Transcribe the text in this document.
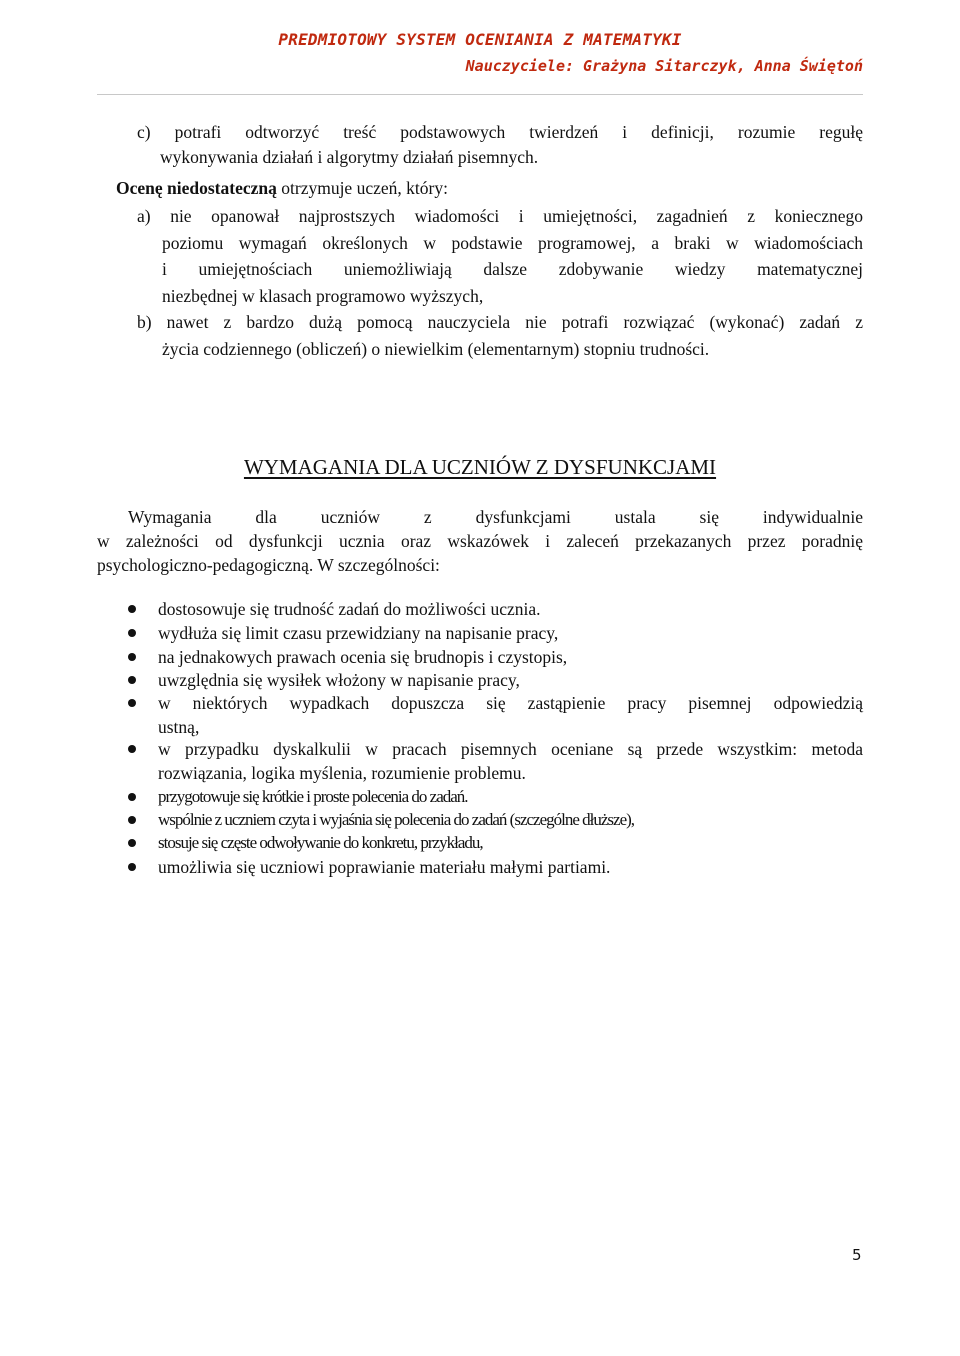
PREDMIOTOWY SYSTEM OCENIANIA Z MATEMATYKI
Nauczyciele: Grażyna Sitarczyk, Anna Świętoń
c) potrafi odtworzyć treść podstawowych twierdzeń i definicji, rozumie regułę
wykonywania działań i algorytmy działań pisemnych.
Ocenę niedostateczną otrzymuje uczeń, który:
a) nie opanował najprostszych wiadomości i umiejętności, zagadnień z koniecznego
poziomu wymagań określonych w podstawie programowej, a braki w wiadomościach
i umiejętnościach uniemożliwiają dalsze zdobywanie wiedzy matematycznej
niezbędnej w klasach programowo wyższych,
b) nawet z bardzo dużą pomocą nauczyciela nie potrafi rozwiązać (wykonać) zadań z
życia codziennego (obliczeń) o niewielkim (elementarnym) stopniu trudności.
WYMAGANIA DLA UCZNIÓW Z DYSFUNKCJAMI
Wymagania dla uczniów z dysfunkcjami ustala się indywidualnie
w zależności od dysfunkcji ucznia oraz wskazówek i zaleceń przekazanych przez poradnię
psychologiczno-pedagogiczną. W szczególności:
dostosowuje się trudność zadań do możliwości ucznia.
wydłuża się limit czasu przewidziany na napisanie pracy,
na jednakowych prawach ocenia się brudnopis i czystopis,
uwzględnia się wysiłek włożony w napisanie pracy,
w niektórych wypadkach dopuszcza się zastąpienie pracy pisemnej odpowiedzią
ustną,
w przypadku dyskalkulii w pracach pisemnych oceniane są przede wszystkim: metoda
rozwiązania, logika myślenia, rozumienie problemu.
przygotowuje się krótkie i proste polecenia do zadań.
wspólnie z uczniem czyta i wyjaśnia się polecenia do zadań (szczególne dłuższe),
stosuje się częste odwoływanie do konkretu, przykładu,
umożliwia się uczniowi poprawianie materiału małymi partiami.
5
